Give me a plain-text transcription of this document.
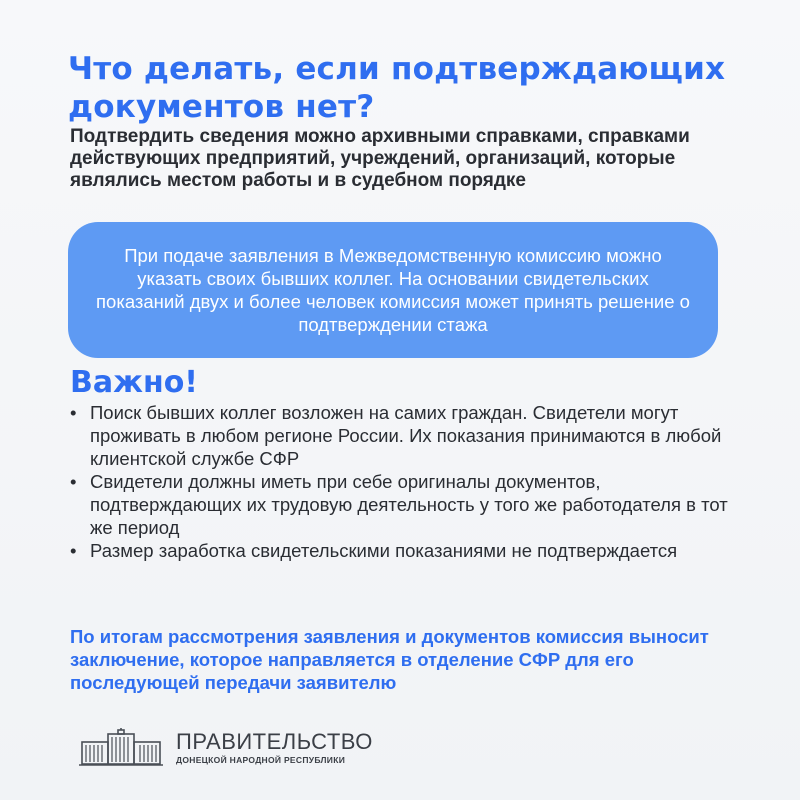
Что делать, если подтверждающих документов нет?

Подтвердить сведения можно архивными справками, справками действующих предприятий, учреждений, организаций, которые являлись местом работы и в судебном порядке

При подаче заявления в Межведомственную комиссию можно указать своих бывших коллег. На основании свидетельских показаний двух и более человек комиссия может принять решение о подтверждении стажа

Важно!
• Поиск бывших коллег возложен на самих граждан. Свидетели могут проживать в любом регионе России. Их показания принимаются в любой клиентской службе СФР
• Свидетели должны иметь при себе оригиналы документов, подтверждающих их трудовую деятельность у того же работодателя в тот же период
• Размер заработка свидетельскими показаниями не подтверждается

По итогам рассмотрения заявления и документов комиссия выносит заключение, которое направляется в отделение СФР для его последующей передачи заявителю

ПРАВИТЕЛЬСТВО
ДОНЕЦКОЙ НАРОДНОЙ РЕСПУБЛИКИ
